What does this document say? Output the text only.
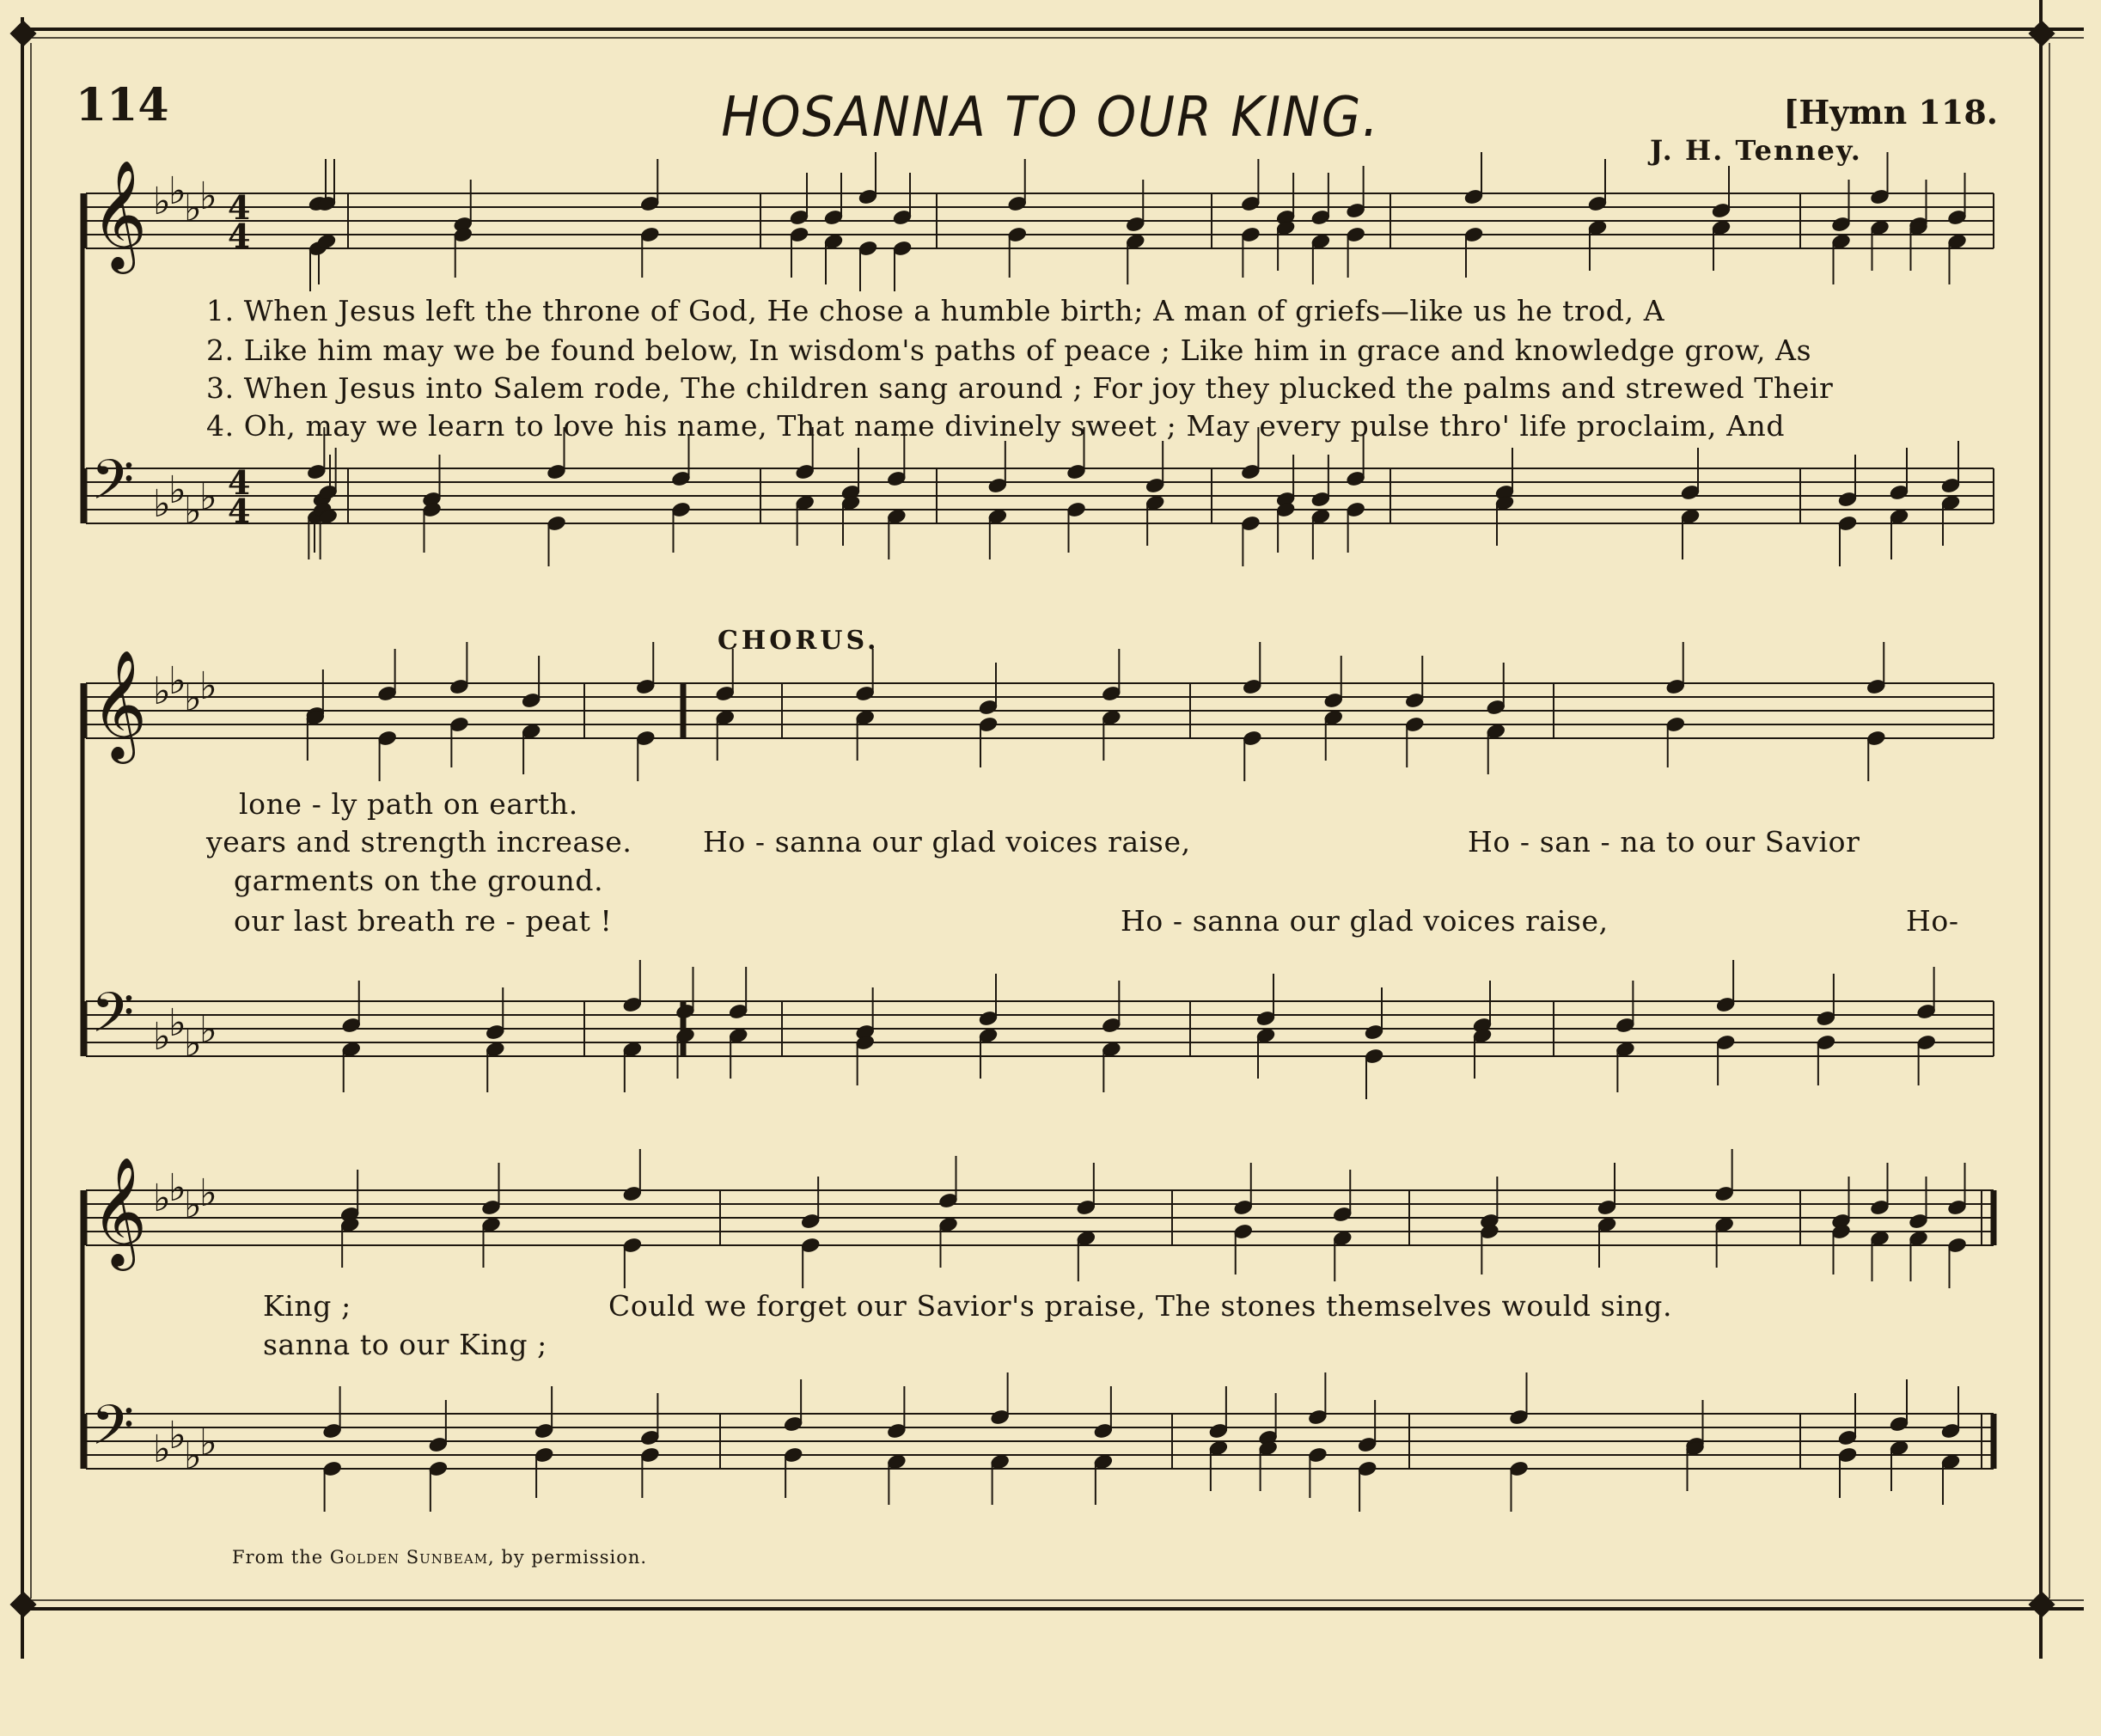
𝄞 ♭
♭
♭
♭ 4
4
𝄢 ♭
♭
♭
♭ 4
4
𝄞 ♭
♭
♭
♭
𝄢 ♭
♭
♭
♭
𝄞 ♭
♭
♭
♭
𝄢 ♭
♭
♭
♭
114	HOSANNA TO OUR KING.	[Hymn 118.
J. H. Tenney.
1. When Jesus left the throne of God, He chose a humble birth; A man of griefs—like us he trod, A
2. Like him may we be found below, In wisdom's paths of peace ; Like him in grace and knowledge grow, As
3. When Jesus into Salem rode, The children sang around ; For joy they plucked the palms and strewed Their
4. Oh, may we learn to love his name, That name divinely sweet ; May every pulse thro' life proclaim, And
CHORUS.
lone - ly path on earth.
years and strength increase.
garments on the ground.
our last breath re - peat !
Ho - sanna our glad voices raise,	Ho - san - na to our Savior
Ho - sanna our glad voices raise,	Ho-
King ;	Could we forget our Savior's praise, The stones themselves would sing.
sanna to our King ;
From the Golden Sunbeam, by permission.
